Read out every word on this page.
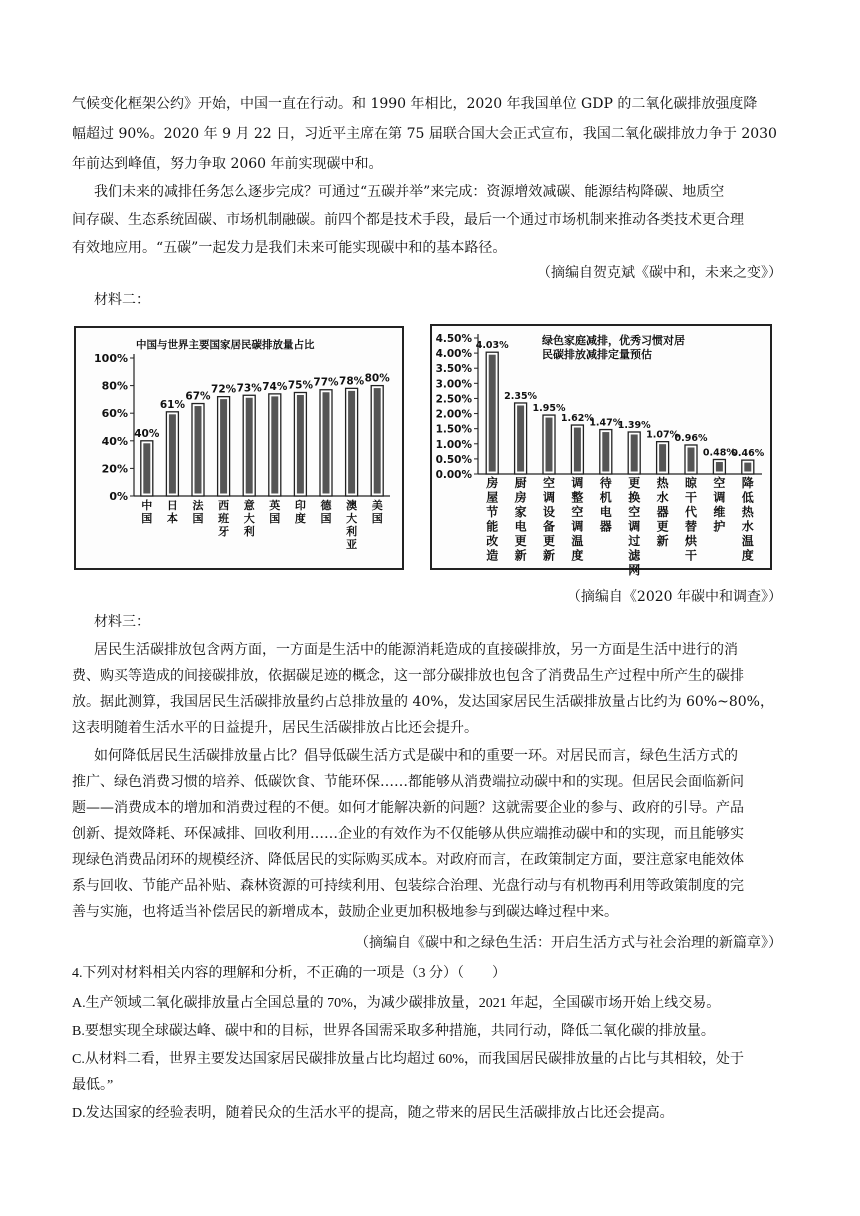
气候变化框架公约》开始，中国一直在行动。和 1990 年相比，2020 年我国单位 GDP 的二氧化碳排放强度降
幅超过 90%。2020 年 9 月 22 日，习近平主席在第 75 届联合国大会正式宣布，我国二氧化碳排放力争于 2030
年前达到峰值，努力争取 2060 年前实现碳中和。
我们未来的减排任务怎么逐步完成？可通过“五碳并举”来完成：资源增效减碳、能源结构降碳、地质空
间存碳、生态系统固碳、市场机制融碳。前四个都是技术手段，最后一个通过市场机制来推动各类技术更合理
有效地应用。“五碳”一起发力是我们未来可能实现碳中和的基本路径。
（摘编自贺克斌《碳中和，未来之变》）
材料二：
0%
20%
40%
60%
80%
100%
中国与世界主要国家居民碳排放量占比
40%
中
国
61%
日
本
67%
法
国
72%
西
班
牙
73%
意
大
利
74%
英
国
75%
印
度
77%
德
国
78%
澳
大
利
亚
80%
美
国
0.00%
0.50%
1.00%
1.50%
2.00%
2.50%
3.00%
3.50%
4.00%
4.50%	绿色家庭减排，优秀习惯对居
民碳排放减排定量预估
4.03%
房
屋
节
能
改
造
2.35%
厨
房
家
电
更
新
1.95%
空
调
设
备
更
新
1.62%
调
整
空
调
温
度
1.47%
待
机
电
器
1.39%
更
换
空
调
过
滤
网
1.07%
热
水
器
更
新
0.96%
晾
干
代
替
烘
干
0.48%
空
调
维
护
0.46%
降
低
热
水
温
度
（摘编自《2020 年碳中和调查》）
材料三：
居民生活碳排放包含两方面，一方面是生活中的能源消耗造成的直接碳排放，另一方面是生活中进行的消
费、购买等造成的间接碳排放，依据碳足迹的概念，这一部分碳排放也包含了消费品生产过程中所产生的碳排
放。据此测算，我国居民生活碳排放量约占总排放量的 40%，发达国家居民生活碳排放量占比约为 60%~80%，
这表明随着生活水平的日益提升，居民生活碳排放占比还会提升。
如何降低居民生活碳排放量占比？倡导低碳生活方式是碳中和的重要一环。对居民而言，绿色生活方式的
推广、绿色消费习惯的培养、低碳饮食、节能环保……都能够从消费端拉动碳中和的实现。但居民会面临新问
题——消费成本的增加和消费过程的不便。如何才能解决新的问题？这就需要企业的参与、政府的引导。产品
创新、提效降耗、环保减排、回收利用……企业的有效作为不仅能够从供应端推动碳中和的实现，而且能够实
现绿色消费品闭环的规模经济、降低居民的实际购买成本。对政府而言，在政策制定方面，要注意家电能效体
系与回收、节能产品补贴、森林资源的可持续利用、包装综合治理、光盘行动与有机物再利用等政策制度的完
善与实施，也将适当补偿居民的新增成本，鼓励企业更加积极地参与到碳达峰过程中来。
（摘编自《碳中和之绿色生活：开启生活方式与社会治理的新篇章》）
4.下列对材料相关内容的理解和分析，不正确的一项是（3 分）（　　）
A.生产领域二氧化碳排放量占全国总量的 70%，为减少碳排放量，2021 年起，全国碳市场开始上线交易。
B.要想实现全球碳达峰、碳中和的目标，世界各国需采取多种措施，共同行动，降低二氧化碳的排放量。
C.从材料二看，世界主要发达国家居民碳排放量占比均超过 60%，而我国居民碳排放量的占比与其相较，处于
最低。”
D.发达国家的经验表明，随着民众的生活水平的提高，随之带来的居民生活碳排放占比还会提高。
